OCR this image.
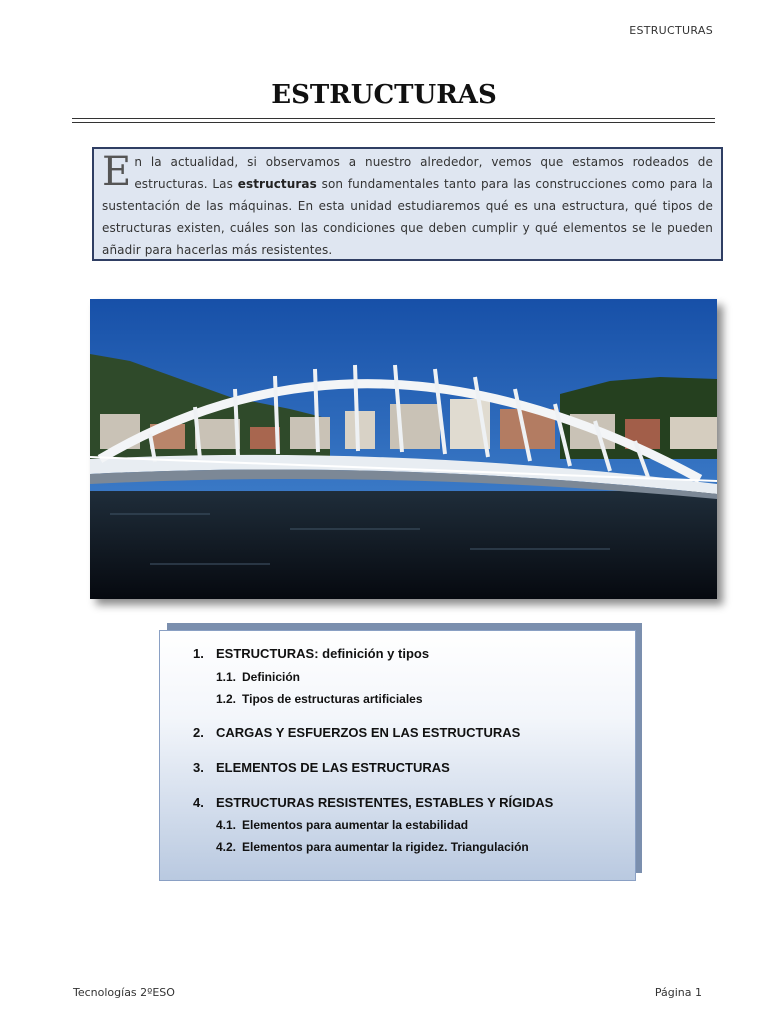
ESTRUCTURAS
ESTRUCTURAS

En la actualidad, si observamos a nuestro alrededor, vemos que estamos rodeados de estructuras. Las estructuras son fundamentales tanto para las construcciones como para la sustentación de las máquinas. En esta unidad estudiaremos qué es una estructura, qué tipos de estructuras existen, cuáles son las condiciones que deben cumplir y qué elementos se le pueden añadir para hacerlas más resistentes.

1. ESTRUCTURAS: definición y tipos
1.1. Definición
1.2. Tipos de estructuras artificiales
2. CARGAS Y ESFUERZOS EN LAS ESTRUCTURAS
3. ELEMENTOS DE LAS ESTRUCTURAS
4. ESTRUCTURAS RESISTENTES, ESTABLES Y RÍGIDAS
4.1. Elementos para aumentar la estabilidad
4.2. Elementos para aumentar la rigidez. Triangulación
Tecnologías 2ºESO	Página 1
